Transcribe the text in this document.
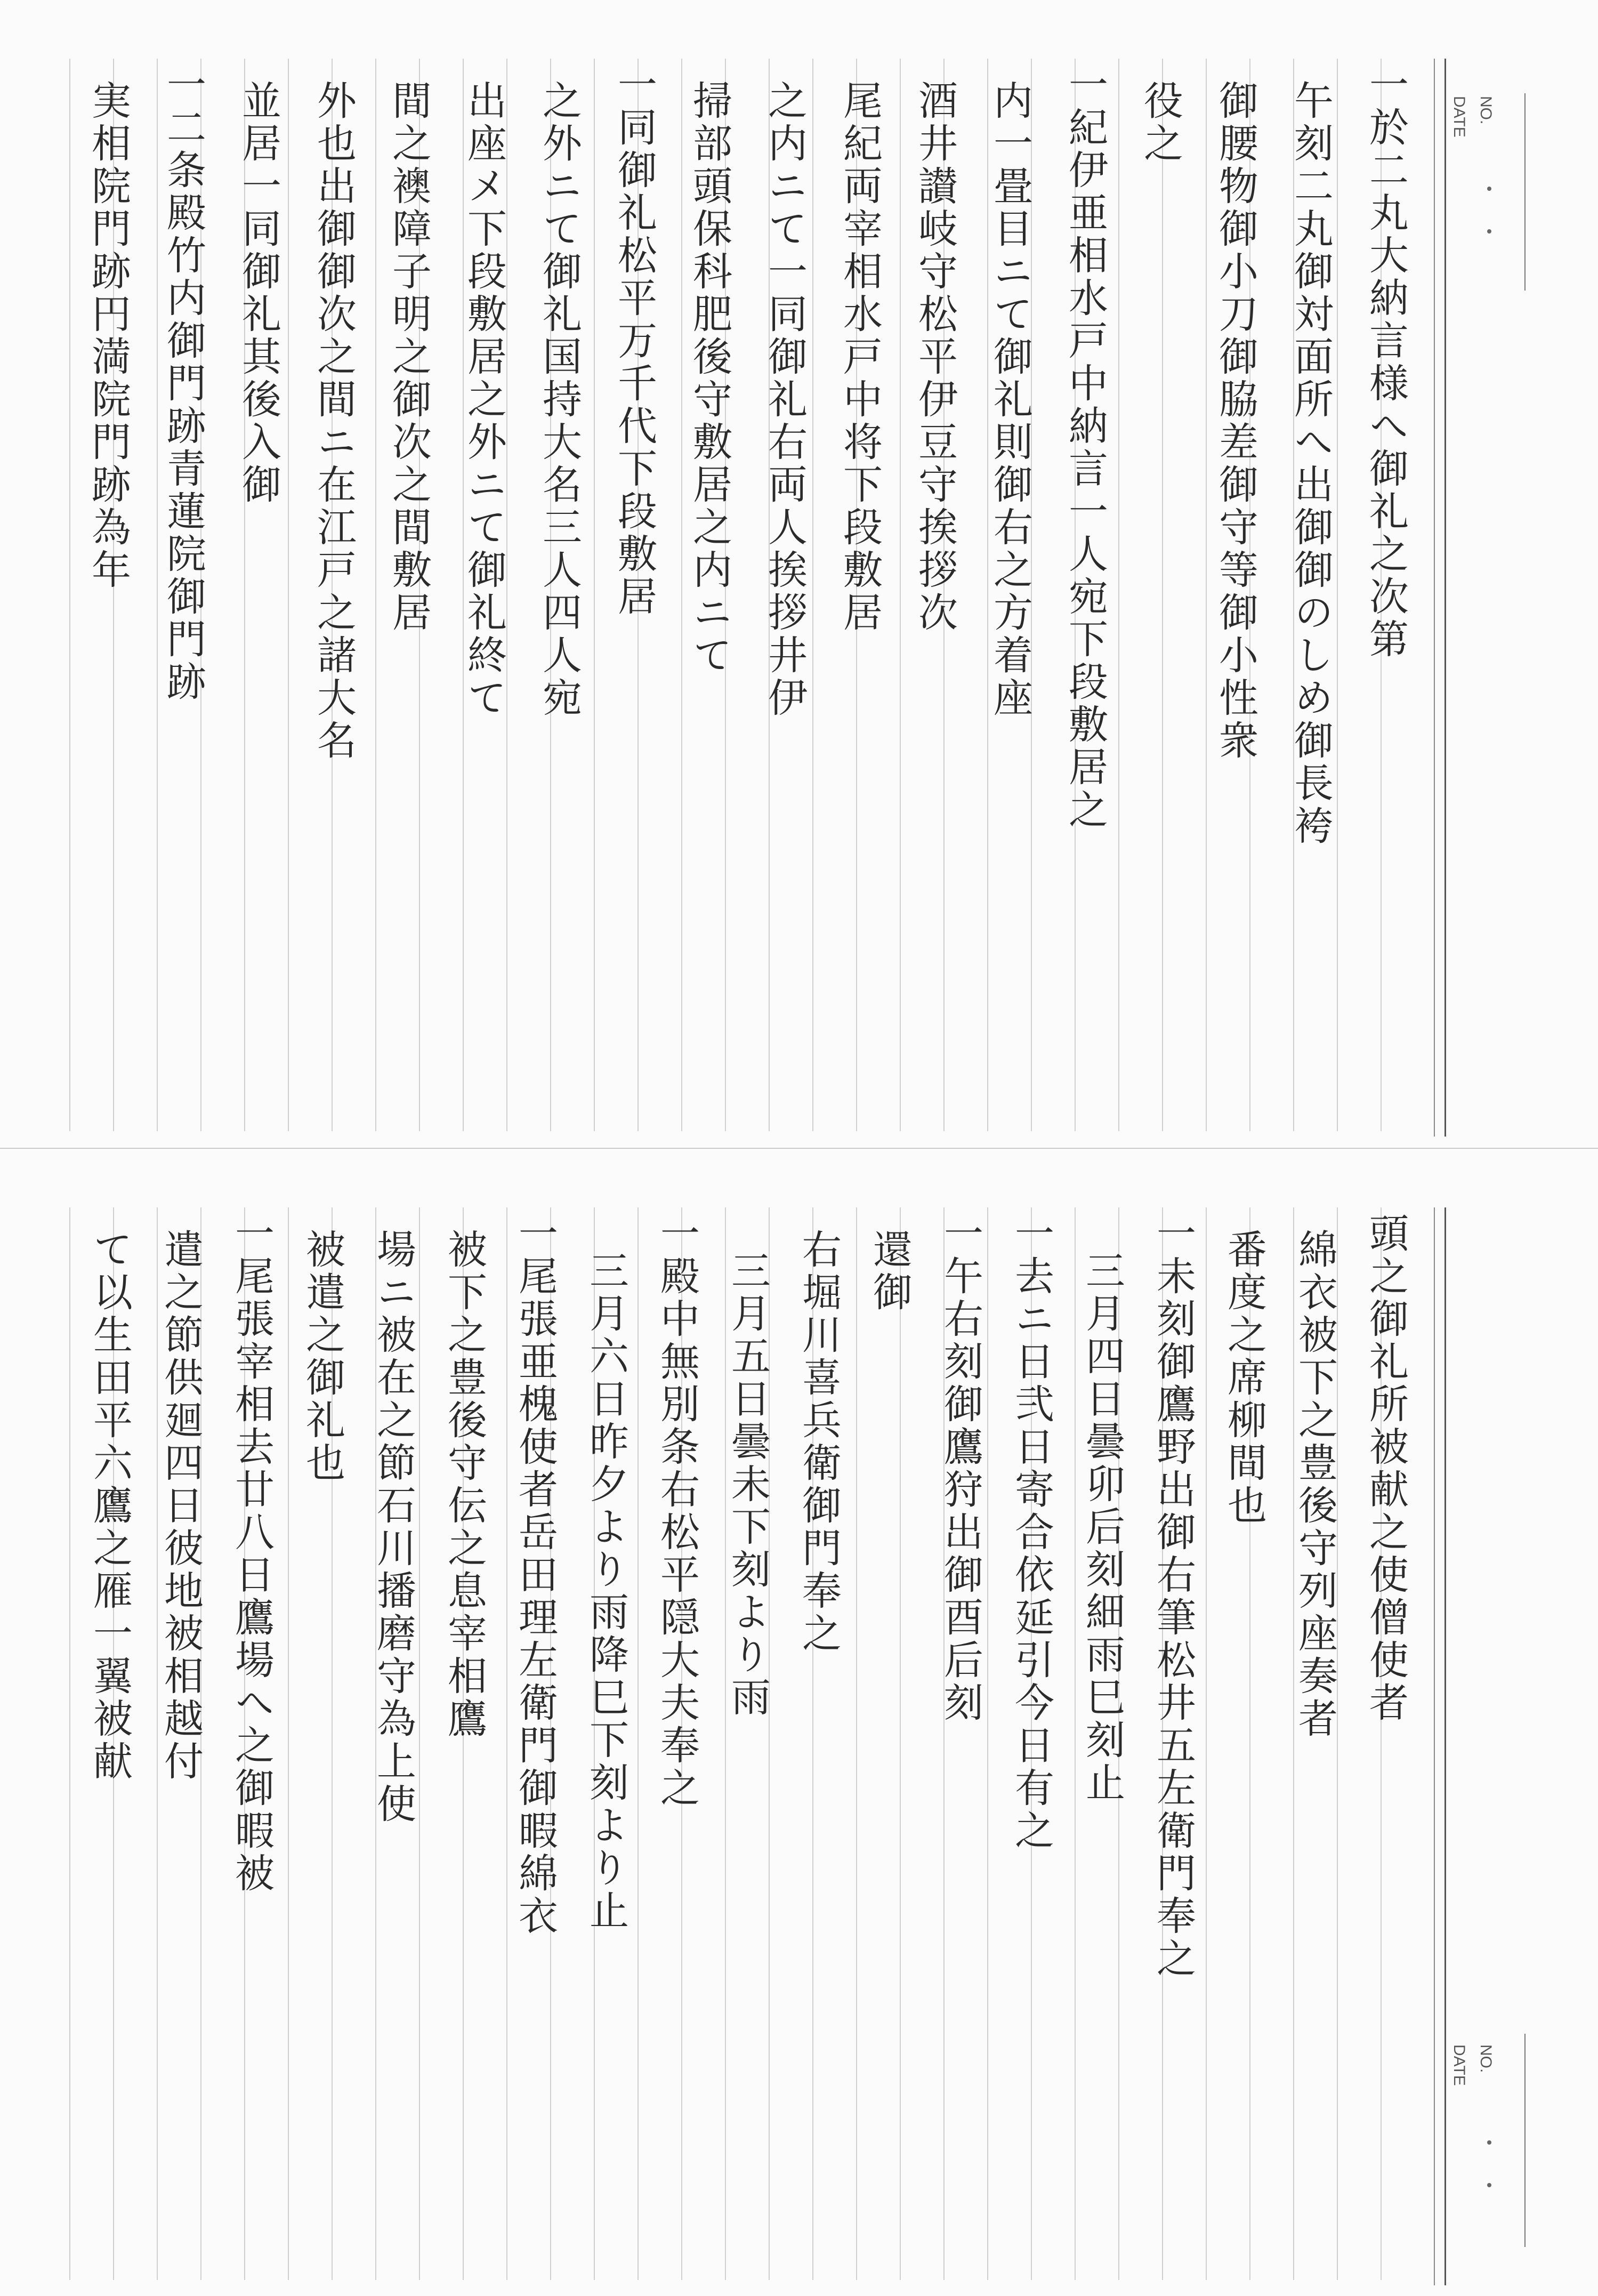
NO.
DATE
一於二丸大納言様へ御礼之次第
午刻二丸御対面所へ出御御のしめ御長袴
御腰物御小刀御脇差御守等御小性衆
役之
一紀伊亜相水戸中納言一人宛下段敷居之
内一畳目ニて御礼則御右之方着座
酒井讃岐守松平伊豆守挨拶次
尾紀両宰相水戸中将下段敷居
之内ニて一同御礼右両人挨拶井伊
掃部頭保科肥後守敷居之内ニて
一同御礼松平万千代下段敷居
之外ニて御礼国持大名三人四人宛
出座メ下段敷居之外ニて御礼終て
間之襖障子明之御次之間敷居
外也出御御次之間ニ在江戸之諸大名
並居一同御礼其後入御
一二条殿竹内御門跡青蓮院御門跡
実相院門跡円満院門跡為年
NO.
DATE
頭之御礼所被献之使僧使者
綿衣被下之豊後守列座奏者
番度之席柳間也
一未刻御鷹野出御右筆松井五左衛門奉之
三月四日曇卯后刻細雨巳刻止
一去ニ日弐日寄合依延引今日有之
一午右刻御鷹狩出御酉后刻
還御
右堀川喜兵衛御門奉之
三月五日曇未下刻より雨
一殿中無別条右松平隠大夫奉之
三月六日昨夕より雨降巳下刻より止
一尾張亜槐使者岳田理左衛門御暇綿衣
被下之豊後守伝之息宰相鷹
場ニ被在之節石川播磨守為上使
被遣之御礼也
一尾張宰相去廿八日鷹場へ之御暇被
遣之節供廻四日彼地被相越付
て以生田平六鷹之雁一翼被献
